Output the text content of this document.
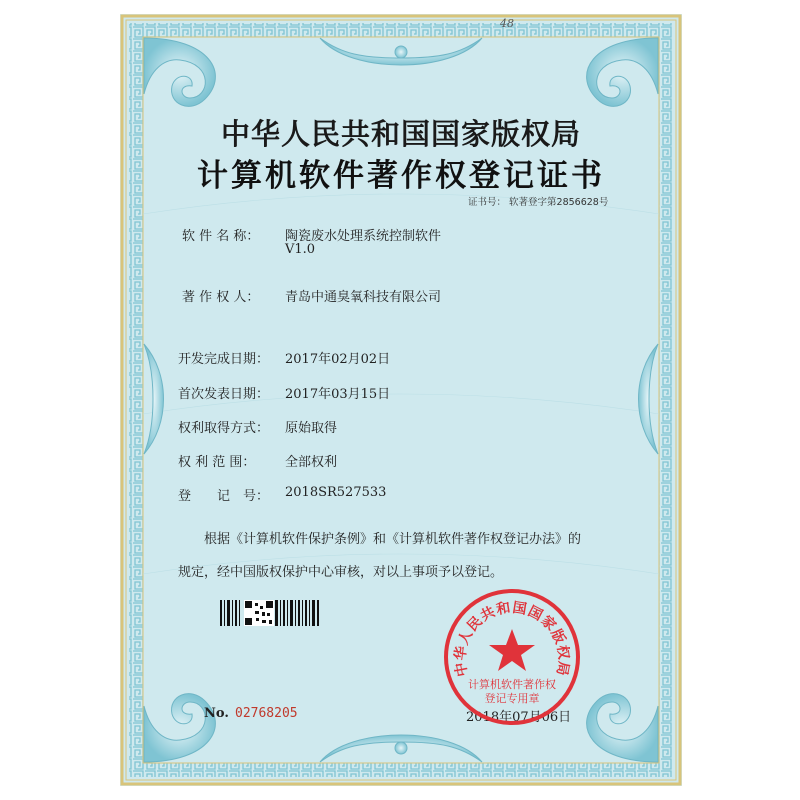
48
中华人民共和国国家版权局
计算机软件著作权登记证书
证书号： 软著登字第2856628号
软 件 名 称： 陶瓷废水处理系统控制软件
V1.0
著 作 权 人： 青岛中通臭氧科技有限公司
开发完成日期： 2017年02月02日
首次发表日期： 2017年03月15日
权利取得方式： 原始取得
权 利 范 围： 全部权利
登　　记　号： 2018SR527533
根据《计算机软件保护条例》和《计算机软件著作权登记办法》的
规定，经中国版权保护中心审核，对以上事项予以登记。
No. 02768205	2018年07月06日
中华人民共和国国家版权局
计算机软件著作权
登记专用章
